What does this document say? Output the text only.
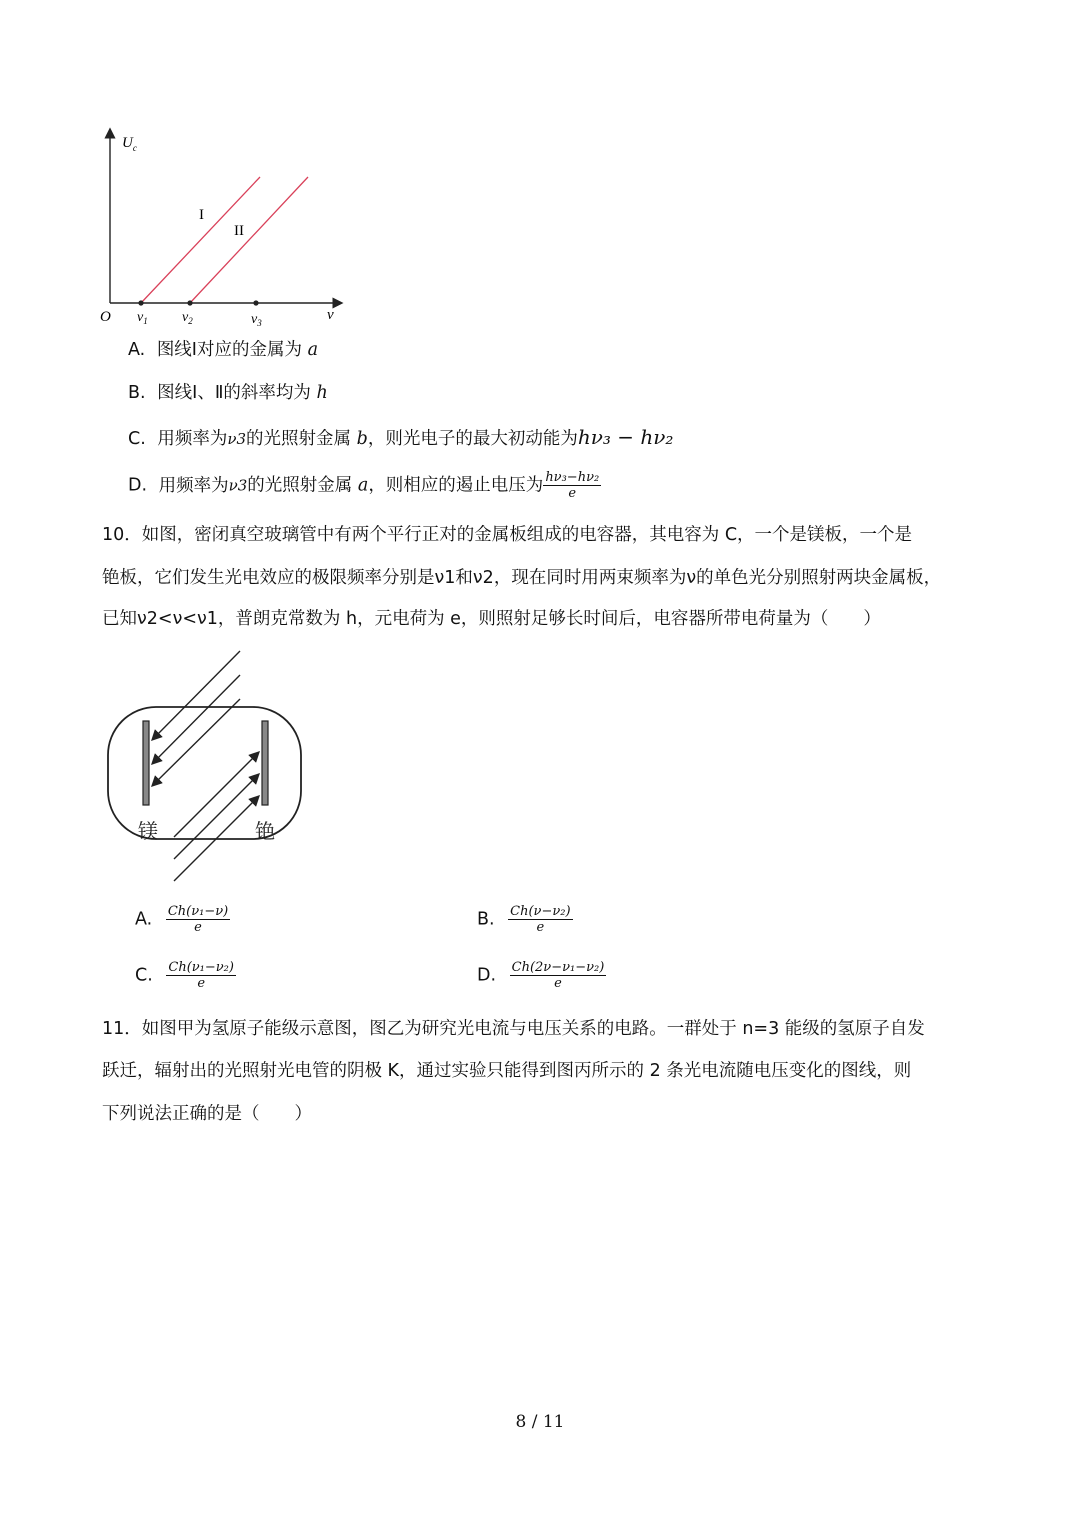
$U_c$
O	ν
I
II
$\nu_1$ $\nu_2$	$\nu_3$
A. 图线Ⅰ对应的金属为 a
B. 图线Ⅰ、Ⅱ的斜率均为 h
C. 用频率为ν3的光照射金属 b，则光电子的最大初动能为hν₃ − hν₂
D. 用频率为ν3的光照射金属 a，则相应的遏止电压为 $\frac{\text{hν₃−hν₂}}{e}$
10．如图，密闭真空玻璃管中有两个平行正对的金属板组成的电容器，其电容为 C，一个是镁板，一个是
铯板，它们发生光电效应的极限频率分别是ν1和ν2，现在同时用两束频率为ν的单色光分别照射两块金属板，
已知ν2<ν<ν1，普朗克常数为 h，元电荷为 e，则照射足够长时间后，电容器所带电荷量为（　　）
镁	铯
A. $\frac{\text{Ch(ν₁−ν)}}{e}$	B. $\frac{\text{Ch(ν−ν₂)}}{e}$
C. $\frac{\text{Ch(ν₁−ν₂)}}{e}$	D. $\frac{\text{Ch(2ν−ν₁−ν₂)}}{e}$
11．如图甲为氢原子能级示意图，图乙为研究光电流与电压关系的电路。一群处于 n=3 能级的氢原子自发
跃迁，辐射出的光照射光电管的阴极 K，通过实验只能得到图丙所示的 2 条光电流随电压变化的图线，则
下列说法正确的是（　　）
8 / 11
